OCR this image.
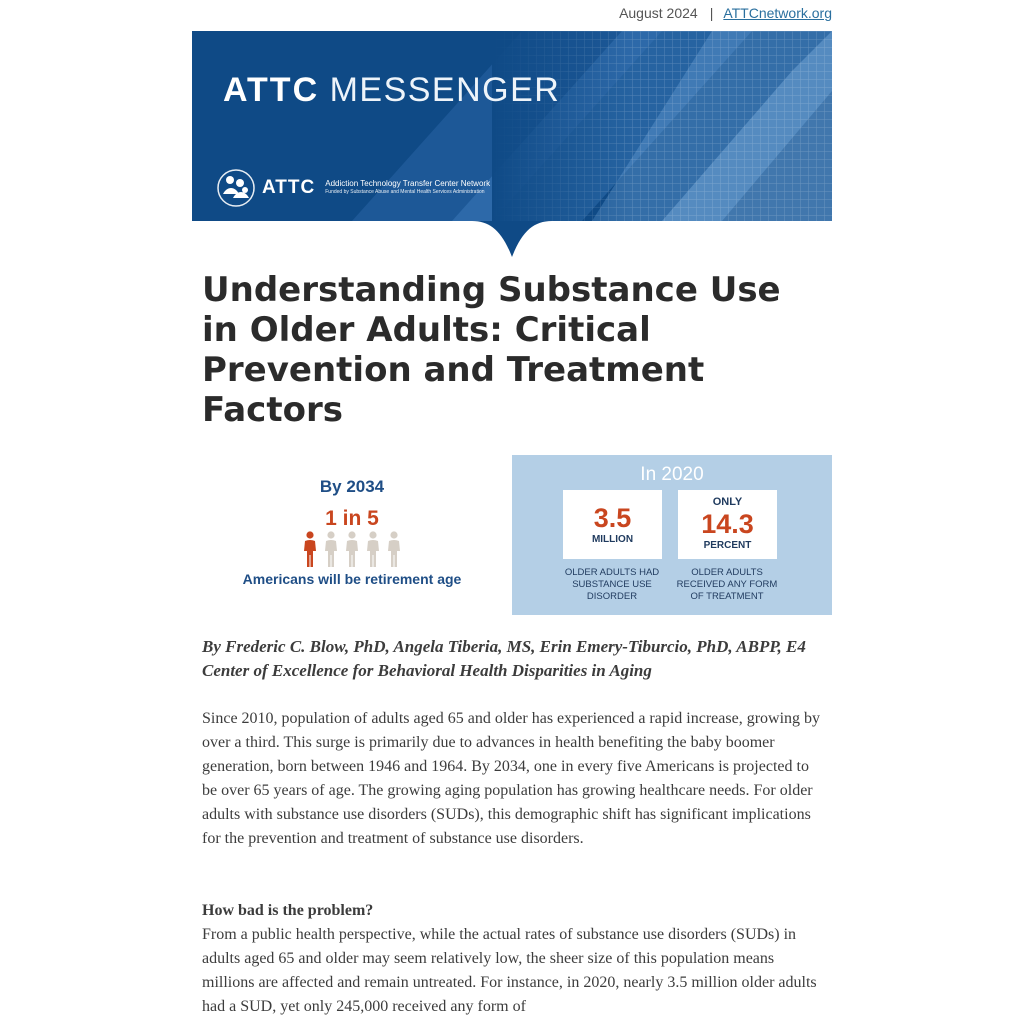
August 2024 | ATTCnetwork.org
ATTC MESSENGER
ATTC Addiction Technology Transfer Center Network
Funded by Substance Abuse and Mental Health Services Administration
Understanding Substance Use in Older Adults: Critical Prevention and Treatment Factors
By 2034
1 in 5
Americans will be retirement age
In 2020
3.5
MILLION
ONLY
14.3
PERCENT
OLDER ADULTS HAD SUBSTANCE USE DISORDER
OLDER ADULTS RECEIVED ANY FORM OF TREATMENT

By Frederic C. Blow, PhD, Angela Tiberia, MS, Erin Emery-Tiburcio, PhD, ABPP, E4 Center of Excellence for Behavioral Health Disparities in Aging

Since 2010, population of adults aged 65 and older has experienced a rapid increase, growing by over a third. This surge is primarily due to advances in health benefiting the baby boomer generation, born between 1946 and 1964. By 2034, one in every five Americans is projected to be over 65 years of age. The growing aging population has growing healthcare needs. For older adults with substance use disorders (SUDs), this demographic shift has significant implications for the prevention and treatment of substance use disorders.

How bad is the problem?

From a public health perspective, while the actual rates of substance use disorders (SUDs) in adults aged 65 and older may seem relatively low, the sheer size of this population means millions are affected and remain untreated. For instance, in 2020, nearly 3.5 million older adults had a SUD, yet only 245,000 received any form of
